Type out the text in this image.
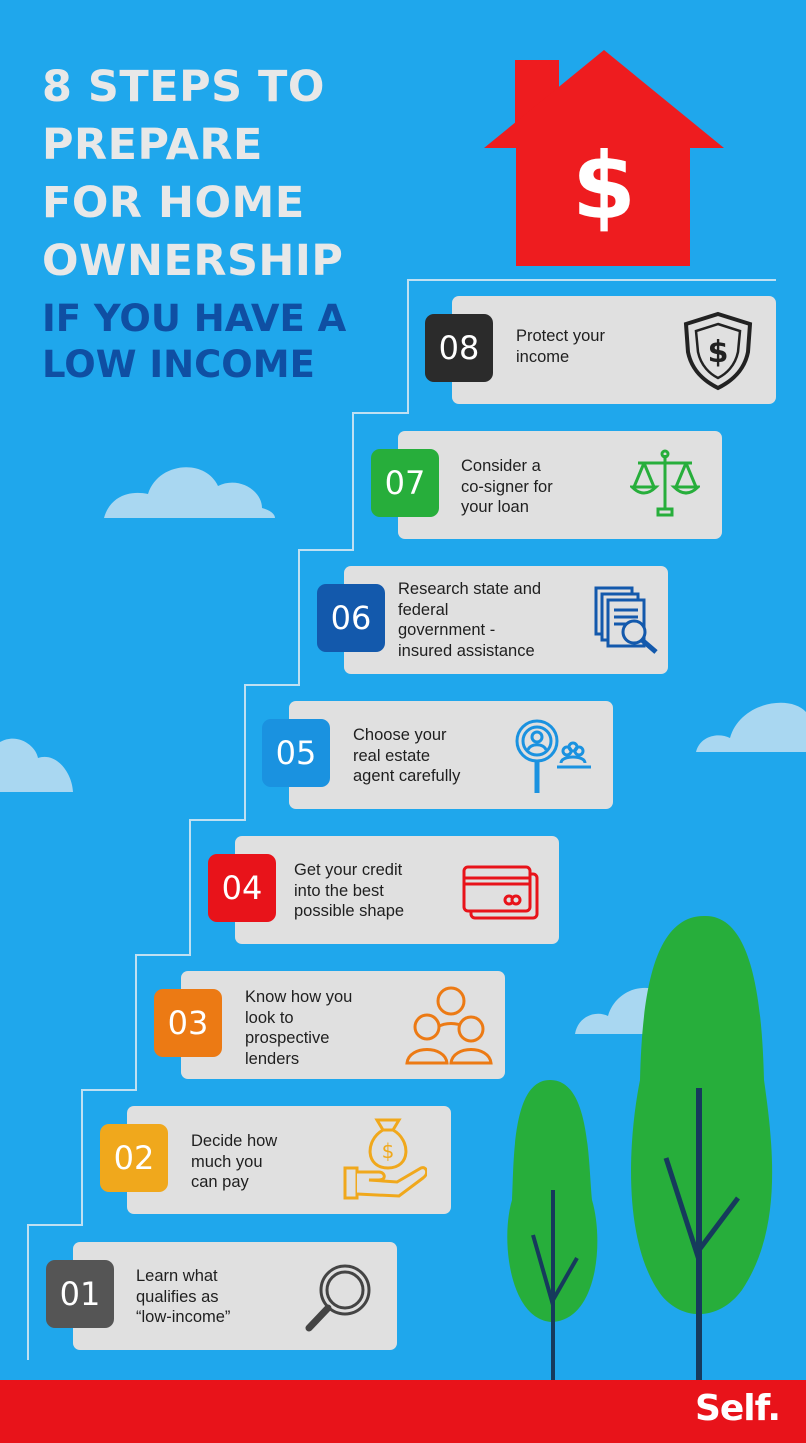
$
8 STEPS TO
PREPARE
FOR HOME
OWNERSHIP
IF YOU HAVE A
LOW INCOME
Protect your
income	$
08
Consider a
co-signer for
your loan
07
Research state and
federal
government -
insured assistance
06
Choose your
real estate
agent carefully
05
Get your credit
into the best
possible shape
04
Know how you
look to
prospective
lenders
03
Decide how
much you
can pay
$
02
Learn what
qualifies as
“low-income”
01
Self.
